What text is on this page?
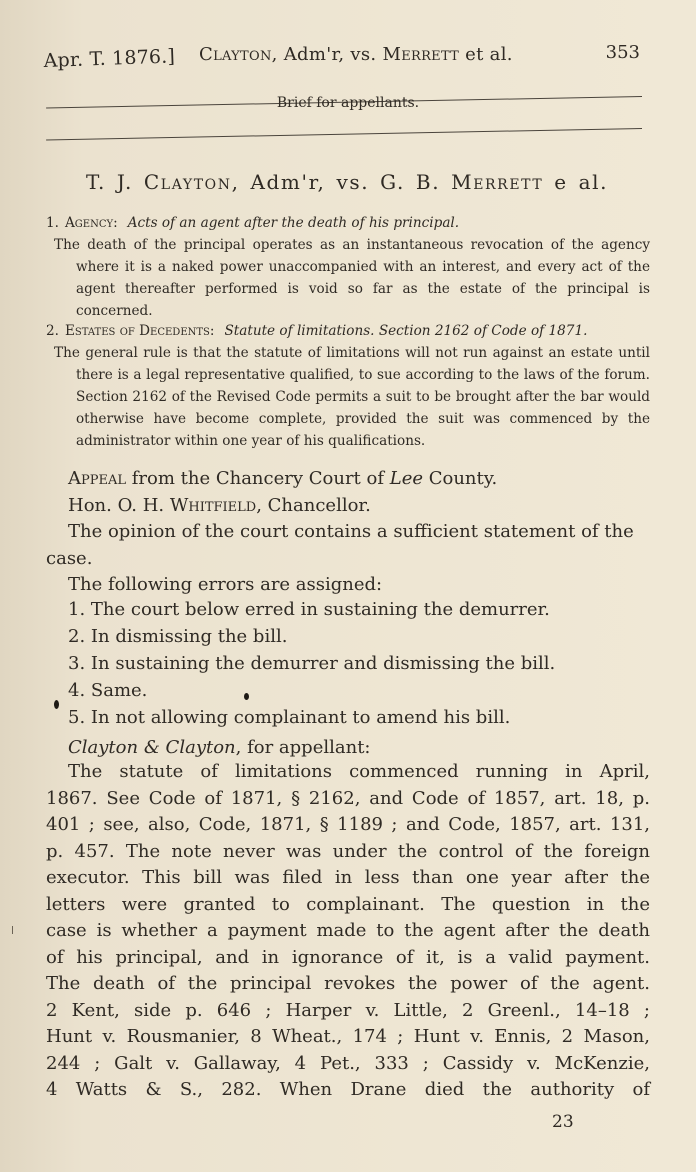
Apr. T. 1876.] Clayton, Adm'r, vs. Merrett et al.	353
Brief for appellants.
T. J. Clayton, Adm'r, vs. G. B. Merrett e al.
1. Agency: Acts of an agent after the death of his principal.
The death of the principal operates as an instantaneous revocation of the agency where it is a naked power unaccompanied with an interest, and every act of the agent thereafter performed is void so far as the estate of the principal is concerned.
2. Estates of Decedents: Statute of limitations. Section 2162 of Code of 1871.
The general rule is that the statute of limitations will not run against an estate until there is a legal representative qualified, to sue according to the laws of the forum. Section 2162 of the Revised Code permits a suit to be brought after the bar would otherwise have become complete, provided the suit was commenced by the administrator within one year of his qualifications.

Appeal from the Chancery Court of Lee County.

Hon. O. H. Whitfield, Chancellor.

The opinion of the court contains a sufficient statement of the case.

The following errors are assigned:

1. The court below erred in sustaining the demurrer.

2. In dismissing the bill.

3. In sustaining the demurrer and dismissing the bill.

4. Same.

5. In not allowing complainant to amend his bill.

Clayton & Clayton, for appellant:

The statute of limitations commenced running in April,

1867. See Code of 1871, § 2162, and Code of 1857, art. 18, p.

401 ; see, also, Code, 1871, § 1189 ; and Code, 1857, art. 131,

p. 457. The note never was under the control of the foreign

executor. This bill was filed in less than one year after the

letters were granted to complainant. The question in the

case is whether a payment made to the agent after the death

of his principal, and in ignorance of it, is a valid payment.

The death of the principal revokes the power of the agent.

2 Kent, side p. 646 ; Harper v. Little, 2 Greenl., 14–18 ;

Hunt v. Rousmanier, 8 Wheat., 174 ; Hunt v. Ennis, 2 Mason,

244 ; Galt v. Gallaway, 4 Pet., 333 ; Cassidy v. McKenzie,

4 Watts & S., 282. When Drane died the authority of

23
